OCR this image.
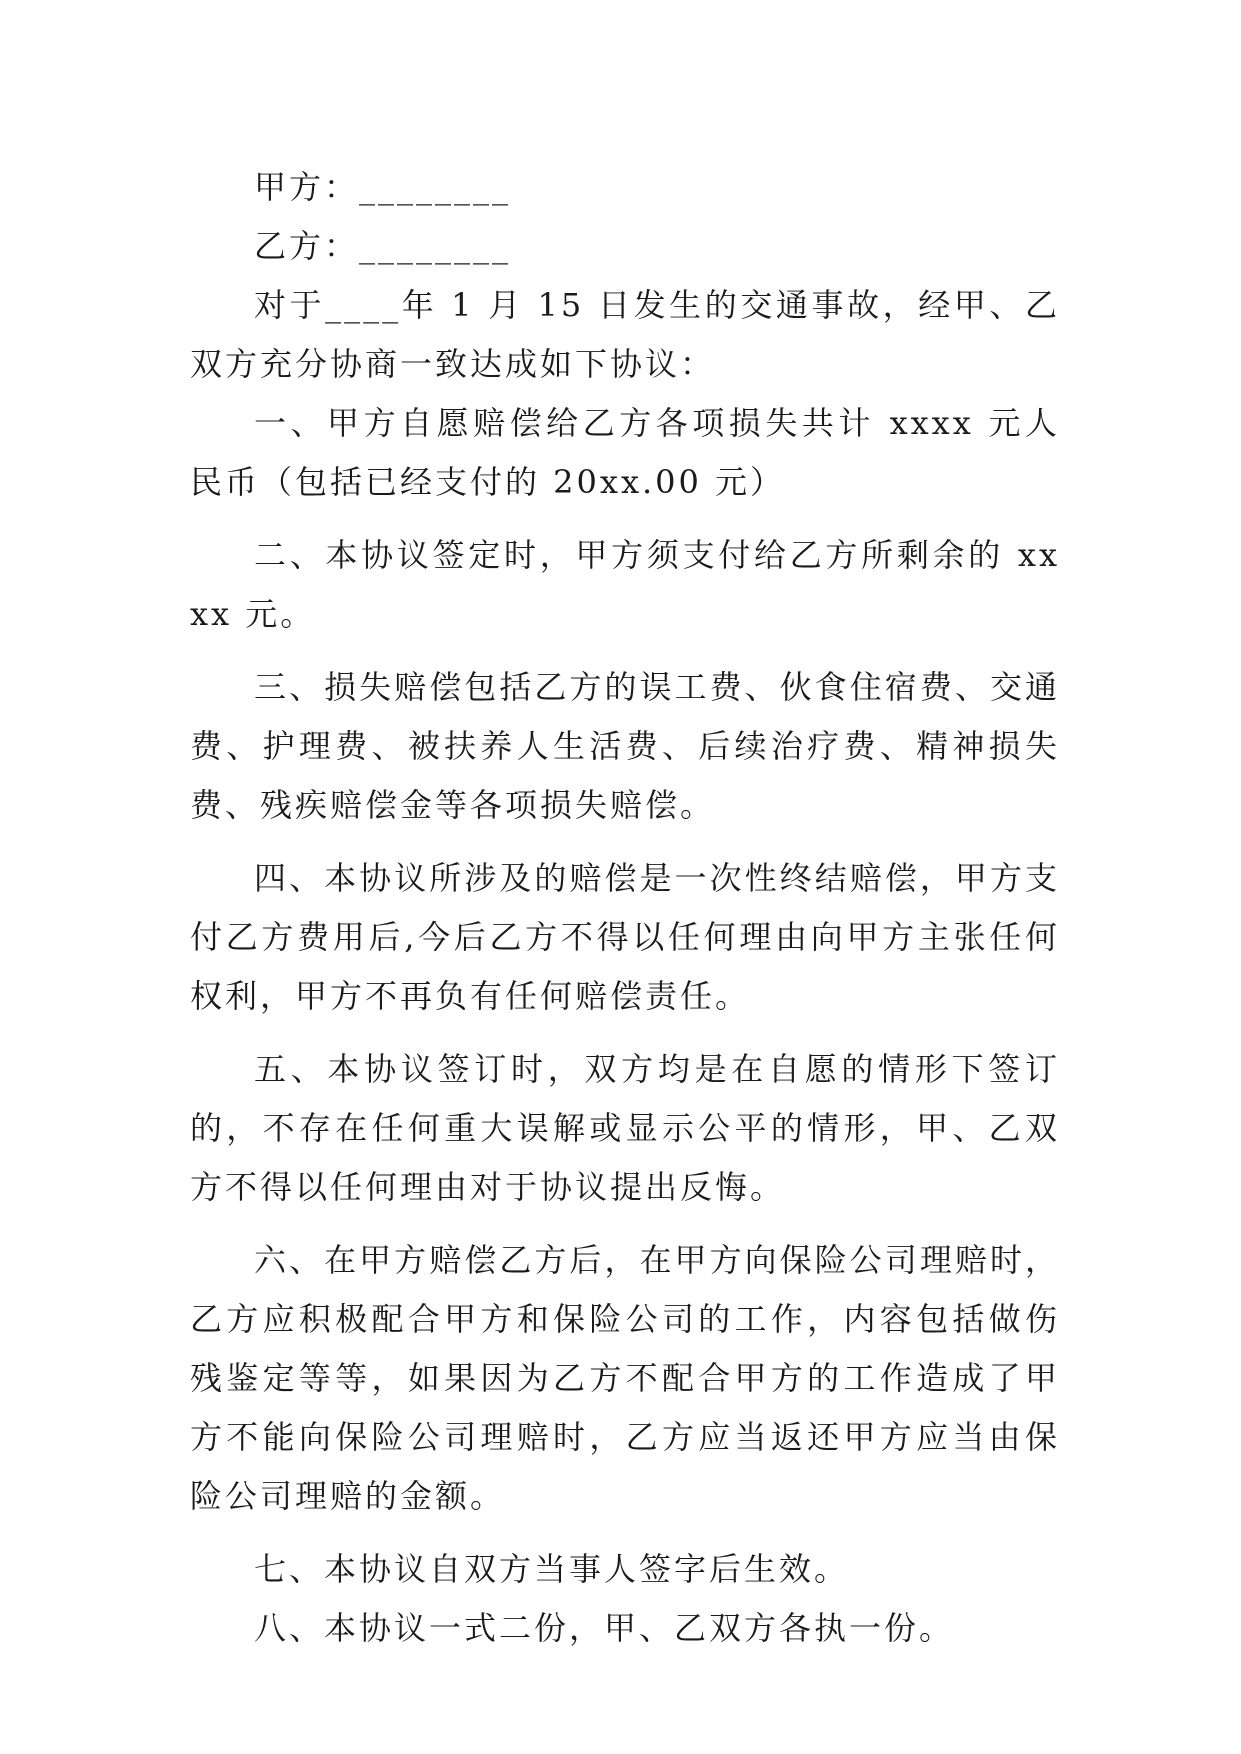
甲方：________

乙方：________

对于____年 1 月 15 日发生的交通事故，经甲、乙双方充分协商一致达成如下协议：

一、甲方自愿赔偿给乙方各项损失共计 xxxx 元人民币（包括已经支付的 20xx.00 元）

二、本协议签定时，甲方须支付给乙方所剩余的 xxxx 元。

三、损失赔偿包括乙方的误工费、伙食住宿费、交通费、护理费、被扶养人生活费、后续治疗费、精神损失费、残疾赔偿金等各项损失赔偿。

四、本协议所涉及的赔偿是一次性终结赔偿，甲方支付乙方费用后,今后乙方不得以任何理由向甲方主张任何权利，甲方不再负有任何赔偿责任。

五、本协议签订时，双方均是在自愿的情形下签订的，不存在任何重大误解或显示公平的情形，甲、乙双方不得以任何理由对于协议提出反悔。

六、在甲方赔偿乙方后，在甲方向保险公司理赔时，乙方应积极配合甲方和保险公司的工作，内容包括做伤残鉴定等等，如果因为乙方不配合甲方的工作造成了甲方不能向保险公司理赔时，乙方应当返还甲方应当由保险公司理赔的金额。

七、本协议自双方当事人签字后生效。

八、本协议一式二份，甲、乙双方各执一份。
